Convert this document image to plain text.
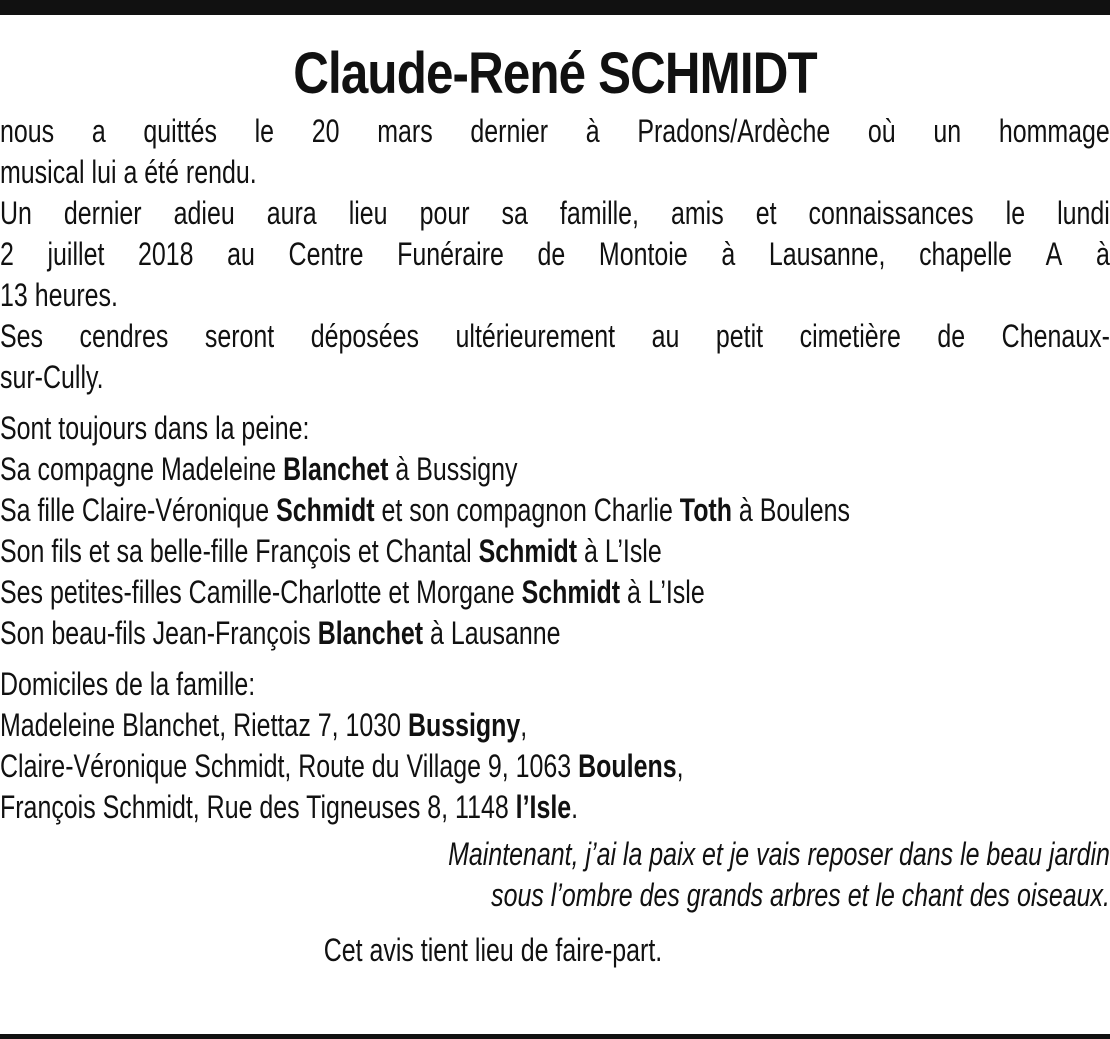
Claude-René SCHMIDT
nous a quittés le 20 mars dernier à Pradons/Ardèche où un hommage
musical lui a été rendu.
Un dernier adieu aura lieu pour sa famille, amis et connaissances le lundi
2 juillet 2018 au Centre Funéraire de Montoie à Lausanne, chapelle A à
13 heures.
Ses cendres seront déposées ultérieurement au petit cimetière de Chenaux-
sur-Cully.
Sont toujours dans la peine:
Sa compagne Madeleine Blanchet à Bussigny
Sa fille Claire-Véronique Schmidt et son compagnon Charlie Toth à Boulens
Son fils et sa belle-fille François et Chantal Schmidt à L’Isle
Ses petites-filles Camille-Charlotte et Morgane Schmidt à L’Isle
Son beau-fils Jean-François Blanchet à Lausanne
Domiciles de la famille:
Madeleine Blanchet, Riettaz 7, 1030 Bussigny,
Claire-Véronique Schmidt, Route du Village 9, 1063 Boulens,
François Schmidt, Rue des Tigneuses 8, 1148 l’Isle.
Maintenant, j’ai la paix et je vais reposer dans le beau jardin
sous l’ombre des grands arbres et le chant des oiseaux.
Cet avis tient lieu de faire-part.
